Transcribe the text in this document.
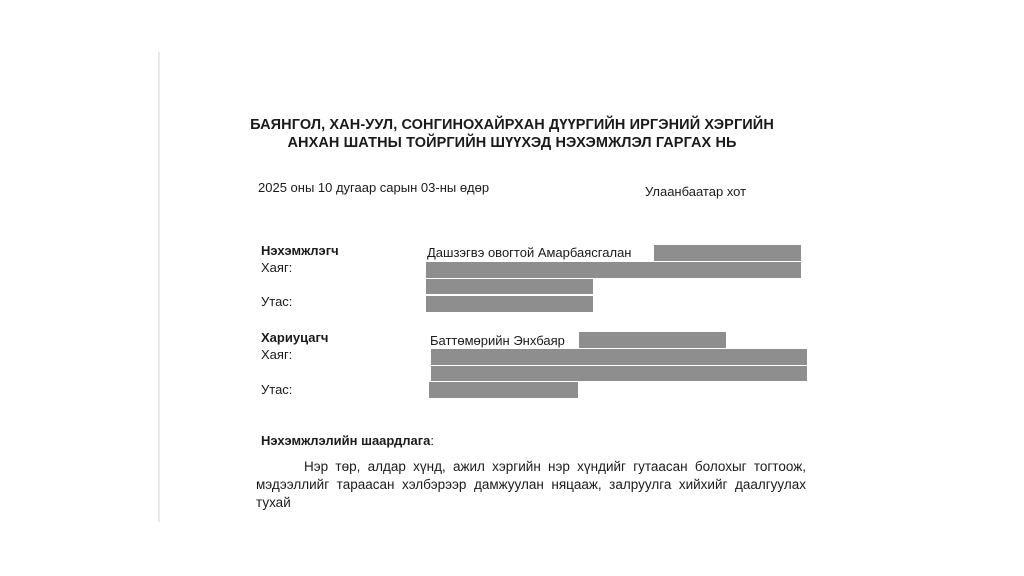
БАЯНГОЛ, ХАН-УУЛ, СОНГИНОХАЙРХАН ДҮҮРГИЙН ИРГЭНИЙ ХЭРГИЙН
АНХАН ШАТНЫ ТОЙРГИЙН ШҮҮХЭД НЭХЭМЖЛЭЛ ГАРГАХ НЬ
2025 оны 10 дугаар сарын 03-ны өдөр	Улаанбаатар хот
Нэхэмжлэгч	Дашзэгвэ овогтой Амарбаясгалан
Хаяг:
Утас:
Хариуцагч	Баттөмөрийн Энхбаяр
Хаяг:
Утас:
Нэхэмжлэлийн шаардлага:
Нэр төр, алдар хүнд, ажил хэргийн нэр хүндийг гутаасан болохыг тогтоож, мэдээллийг тараасан хэлбэрээр дамжуулан няцааж, залруулга хийхийг даалгуулах тухай
